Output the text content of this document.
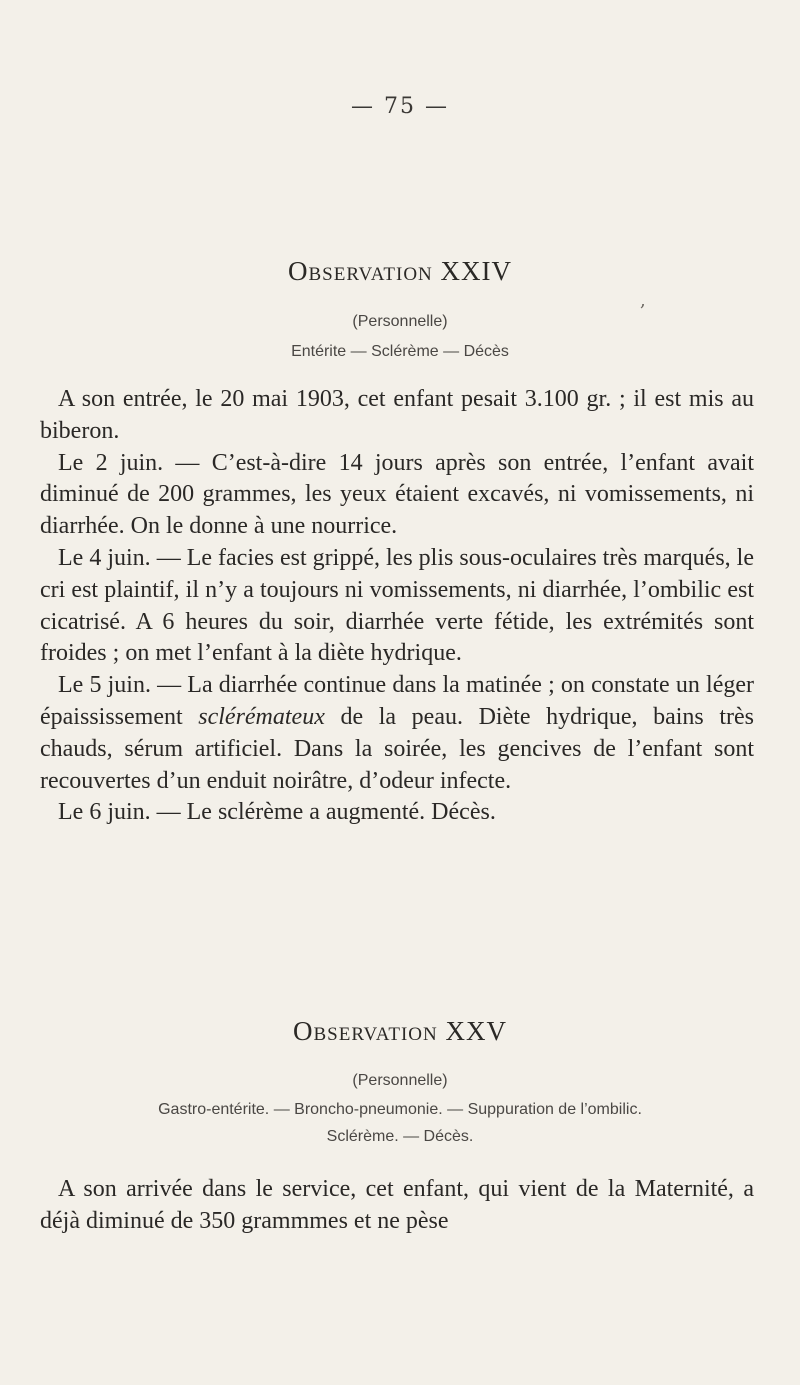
— 75 —
,
Observation XXIV
(Personnelle)
Entérite — Sclérème — Décès

A son entrée, le 20 mai 1903, cet enfant pesait 3.100 gr. ; il est mis au biberon.

Le 2 juin. — C’est-à-dire 14 jours après son entrée, l’enfant avait diminué de 200 grammes, les yeux étaient excavés, ni vomissements, ni diarrhée. On le donne à une nourrice.

Le 4 juin. — Le facies est grippé, les plis sous-oculaires très marqués, le cri est plaintif, il n’y a toujours ni vomissements, ni diarrhée, l’ombilic est cicatrisé. A 6 heures du soir, diarrhée verte fétide, les extrémités sont froides ; on met l’enfant à la diète hydrique.

Le 5 juin. — La diarrhée continue dans la matinée ; on constate un léger épaississement sclérémateux de la peau. Diète hydrique, bains très chauds, sérum artificiel. Dans la soirée, les gencives de l’enfant sont recouvertes d’un enduit noirâtre, d’odeur infecte.

Le 6 juin. — Le sclérème a augmenté. Décès.

Observation XXV
(Personnelle)
Gastro-entérite. — Broncho-pneumonie. — Suppuration de l’ombilic.
Sclérème. — Décès.

A son arrivée dans le service, cet enfant, qui vient de la Maternité, a déjà diminué de 350 grammmes et ne pèse
